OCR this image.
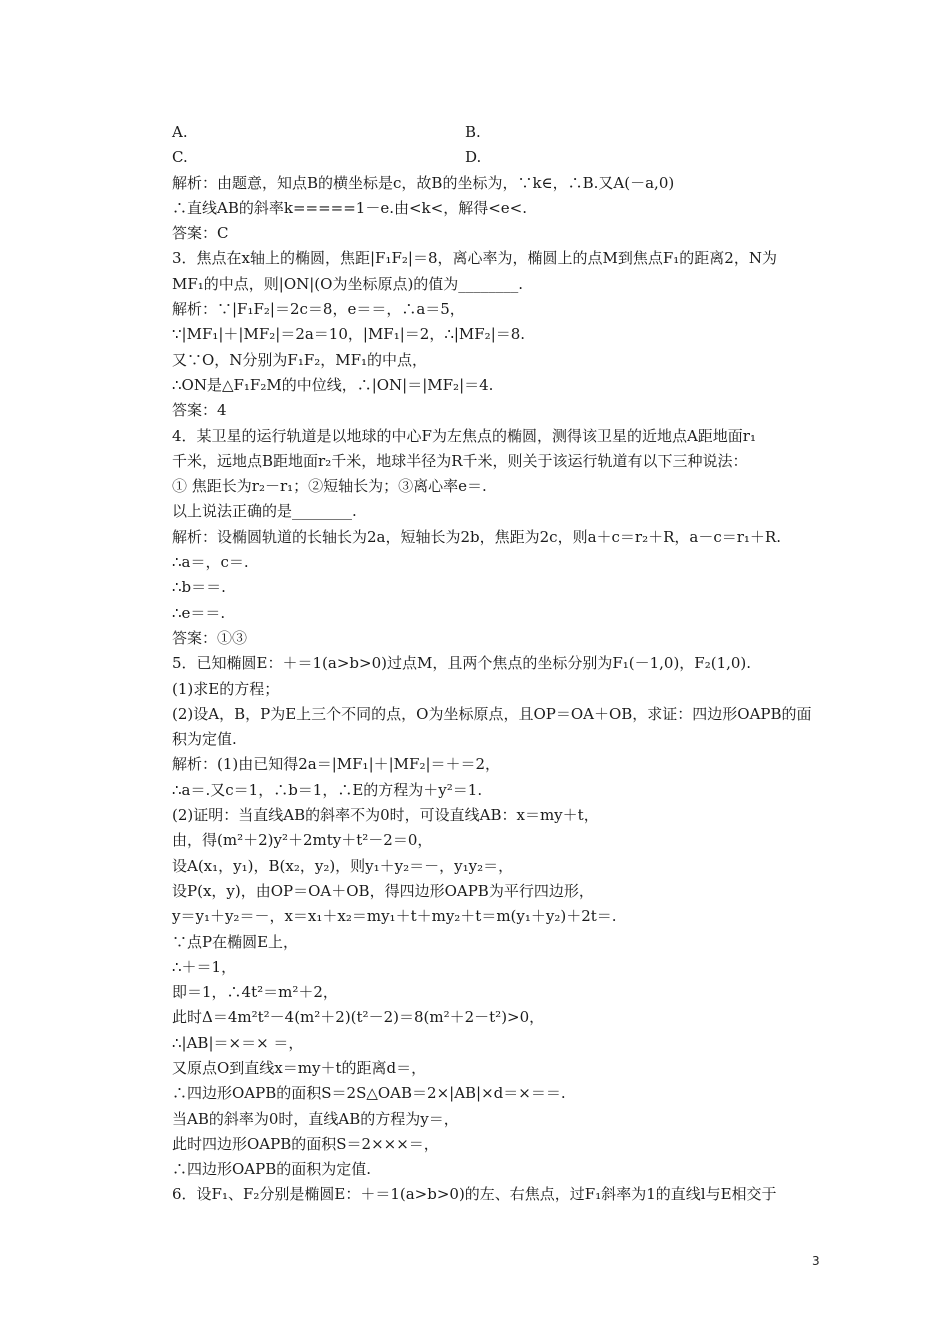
A.	B.
C.	D.
解析：由题意，知点B的横坐标是c，故B的坐标为，∵k∈，∴B.又A(－a,0)
∴直线AB的斜率k=====1－e.由<k<，解得<e<.
答案：C
3．焦点在x轴上的椭圆，焦距|F₁F₂|＝8，离心率为，椭圆上的点M到焦点F₁的距离2，N为
MF₁的中点，则|ON|(O为坐标原点)的值为________.
解析：∵|F₁F₂|＝2c＝8，e＝＝，∴a＝5，
∵|MF₁|＋|MF₂|＝2a＝10，|MF₁|＝2，∴|MF₂|＝8.
又∵O，N分别为F₁F₂，MF₁的中点，
∴ON是△F₁F₂M的中位线，∴|ON|＝|MF₂|＝4.
答案：4
4．某卫星的运行轨道是以地球的中心F为左焦点的椭圆，测得该卫星的近地点A距地面r₁
千米，远地点B距地面r₂千米，地球半径为R千米，则关于该运行轨道有以下三种说法：
① 焦距长为r₂－r₁；②短轴长为；③离心率e＝.
以上说法正确的是________.
解析：设椭圆轨道的长轴长为2a，短轴长为2b，焦距为2c，则a＋c＝r₂＋R，a－c＝r₁＋R.
∴a＝，c＝.
∴b＝＝.
∴e＝＝.
答案：①③
5．已知椭圆E：＋＝1(a>b>0)过点M，且两个焦点的坐标分别为F₁(－1,0)，F₂(1,0).
(1)求E的方程；
(2)设A，B，P为E上三个不同的点，O为坐标原点，且OP＝OA＋OB，求证：四边形OAPB的面
积为定值.
解析：(1)由已知得2a＝|MF₁|＋|MF₂|＝＋＝2，
∴a＝.又c＝1，∴b＝1，∴E的方程为＋y²＝1.
(2)证明：当直线AB的斜率不为0时，可设直线AB：x＝my＋t，
由，得(m²＋2)y²＋2mty＋t²－2＝0，
设A(x₁，y₁)，B(x₂，y₂)，则y₁＋y₂＝－，y₁y₂＝，
设P(x，y)，由OP＝OA＋OB，得四边形OAPB为平行四边形，
y＝y₁＋y₂＝－，x＝x₁＋x₂＝my₁＋t＋my₂＋t＝m(y₁＋y₂)＋2t＝.
∵点P在椭圆E上，
∴＋＝1，
即＝1，∴4t²＝m²＋2，
此时Δ＝4m²t²－4(m²＋2)(t²－2)＝8(m²＋2－t²)>0，
∴|AB|＝×＝× ＝，
又原点O到直线x＝my＋t的距离d＝，
∴四边形OAPB的面积S＝2S△OAB＝2×|AB|×d＝×＝＝.
当AB的斜率为0时，直线AB的方程为y＝，
此时四边形OAPB的面积S＝2×××＝，
∴四边形OAPB的面积为定值.
6．设F₁、F₂分别是椭圆E：＋＝1(a>b>0)的左、右焦点，过F₁斜率为1的直线l与E相交于
3
